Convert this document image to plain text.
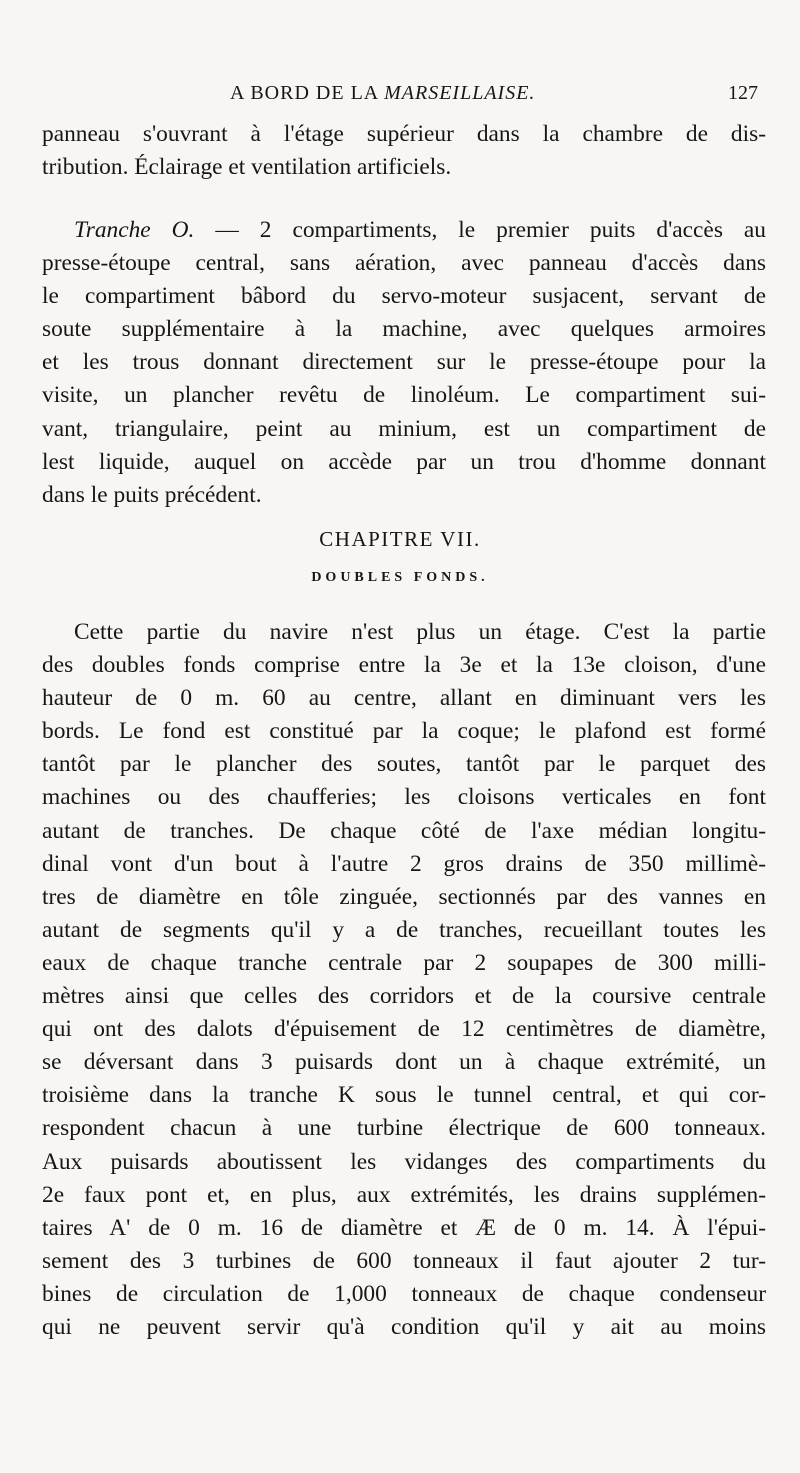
A BORD DE LA MARSEILLAISE.	127
panneau s'ouvrant à l'étage supérieur dans la chambre de dis-
tribution. Éclairage et ventilation artificiels.
Tranche O. — 2 compartiments, le premier puits d'accès au
presse-étoupe central, sans aération, avec panneau d'accès dans
le compartiment bâbord du servo-moteur susjacent, servant de
soute supplémentaire à la machine, avec quelques armoires
et les trous donnant directement sur le presse-étoupe pour la
visite, un plancher revêtu de linoléum. Le compartiment sui-
vant, triangulaire, peint au minium, est un compartiment de
lest liquide, auquel on accède par un trou d'homme donnant
dans le puits précédent.
CHAPITRE VII.
DOUBLES FONDS.
Cette partie du navire n'est plus un étage. C'est la partie
des doubles fonds comprise entre la 3e et la 13e cloison, d'une
hauteur de 0 m. 60 au centre, allant en diminuant vers les
bords. Le fond est constitué par la coque; le plafond est formé
tantôt par le plancher des soutes, tantôt par le parquet des
machines ou des chaufferies; les cloisons verticales en font
autant de tranches. De chaque côté de l'axe médian longitu-
dinal vont d'un bout à l'autre 2 gros drains de 350 millimè-
tres de diamètre en tôle zinguée, sectionnés par des vannes en
autant de segments qu'il y a de tranches, recueillant toutes les
eaux de chaque tranche centrale par 2 soupapes de 300 milli-
mètres ainsi que celles des corridors et de la coursive centrale
qui ont des dalots d'épuisement de 12 centimètres de diamètre,
se déversant dans 3 puisards dont un à chaque extrémité, un
troisième dans la tranche K sous le tunnel central, et qui cor-
respondent chacun à une turbine électrique de 600 tonneaux.
Aux puisards aboutissent les vidanges des compartiments du
2e faux pont et, en plus, aux extrémités, les drains supplémen-
taires A' de 0 m. 16 de diamètre et Æ de 0 m. 14. À l'épui-
sement des 3 turbines de 600 tonneaux il faut ajouter 2 tur-
bines de circulation de 1,000 tonneaux de chaque condenseur
qui ne peuvent servir qu'à condition qu'il y ait au moins
